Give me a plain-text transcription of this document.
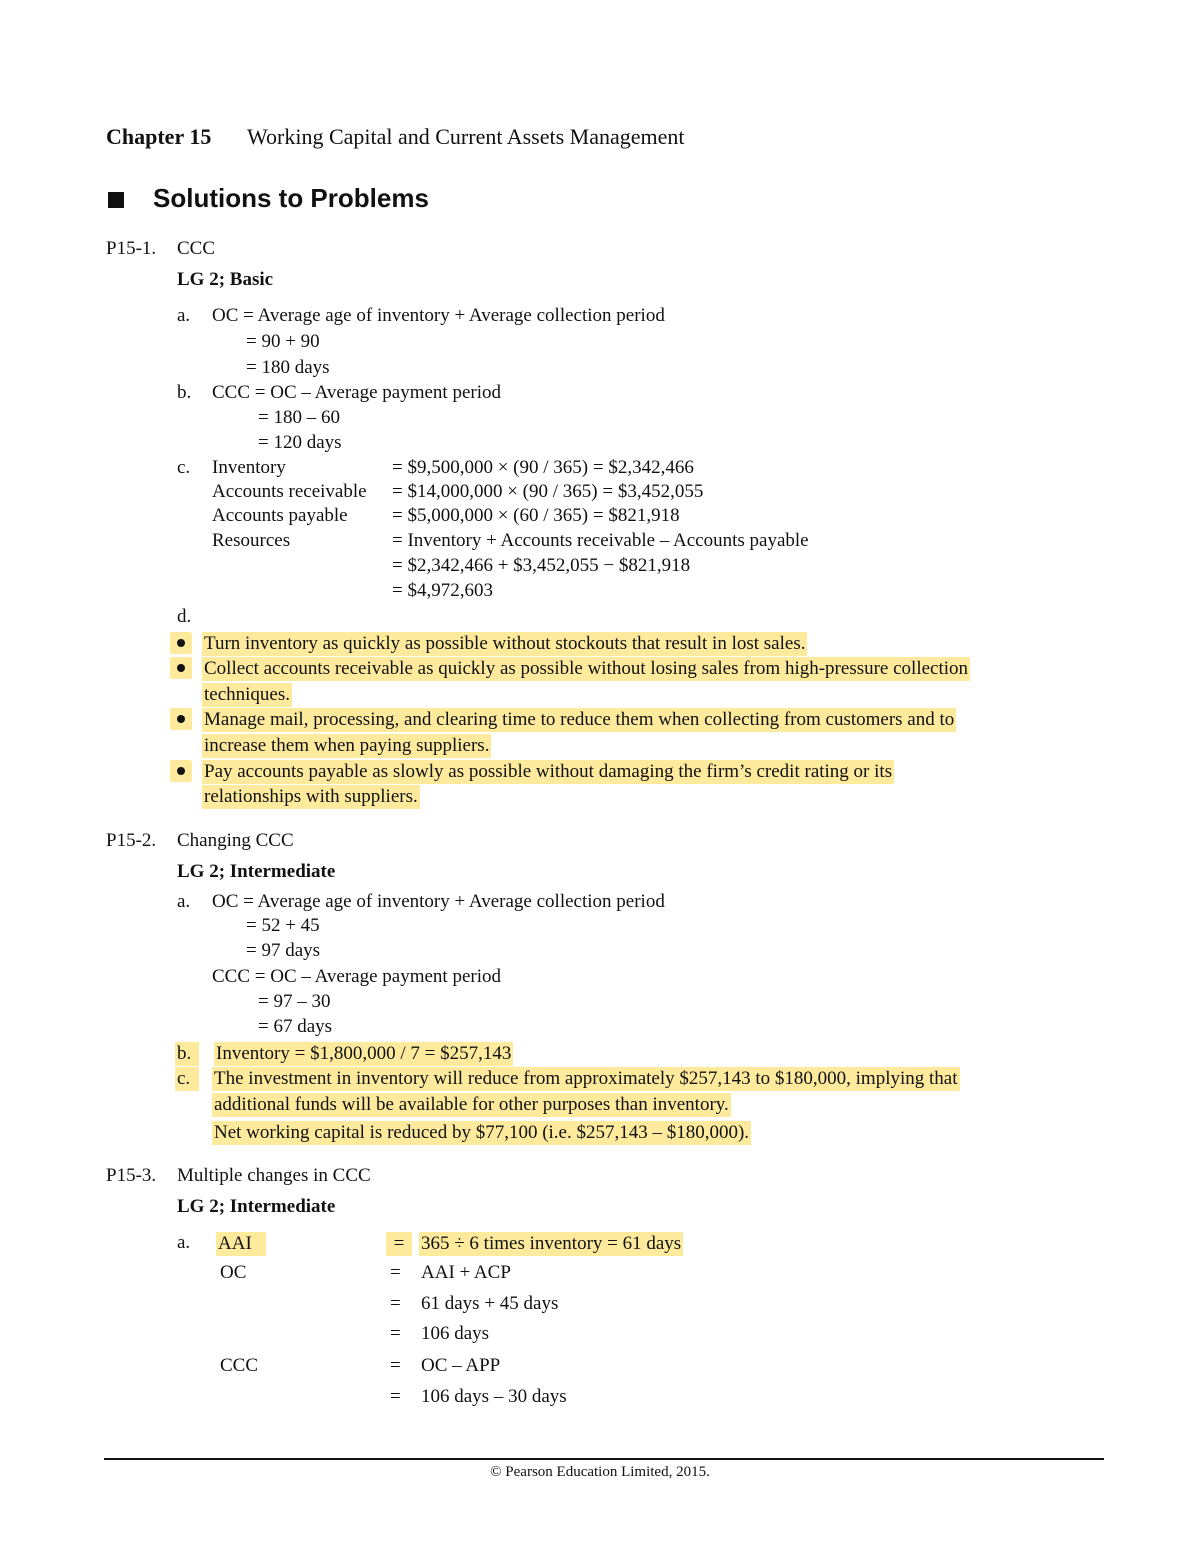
Chapter 15 Working Capital and Current Assets Management
Solutions to Problems
P15-1. CCC
LG 2; Basic
a. OC = Average age of inventory + Average collection period
= 90 + 90
= 180 days
b. CCC = OC – Average payment period
= 180 – 60
= 120 days
c. Inventory	= $9,500,000 × (90 / 365) = $2,342,466
Accounts receivable = $14,000,000 × (90 / 365) = $3,452,055
Accounts payable = $5,000,000 × (60 / 365) = $821,918
Resources	= Inventory + Accounts receivable – Accounts payable
= $2,342,466 + $3,452,055 − $821,918
= $4,972,603
d.
Turn inventory as quickly as possible without stockouts that result in lost sales.
Collect accounts receivable as quickly as possible without losing sales from high-pressure collection
techniques.
Manage mail, processing, and clearing time to reduce them when collecting from customers and to
increase them when paying suppliers.
Pay accounts payable as slowly as possible without damaging the firm’s credit rating or its
relationships with suppliers.
P15-2. Changing CCC
LG 2; Intermediate
a. OC = Average age of inventory + Average collection period
= 52 + 45
= 97 days
CCC = OC – Average payment period
= 97 – 30
= 67 days
b.	Inventory = $1,800,000 / 7 = $257,143
c.	The investment in inventory will reduce from approximately $257,143 to $180,000, implying that
additional funds will be available for other purposes than inventory.
Net working capital is reduced by $77,100 (i.e. $257,143 – $180,000).
P15-3. Multiple changes in CCC
LG 2; Intermediate
a. AAI	= 365 ÷ 6 times inventory = 61 days
OC	= AAI + ACP
= 61 days + 45 days
= 106 days
CCC	= OC – APP
= 106 days – 30 days
© Pearson Education Limited, 2015.
